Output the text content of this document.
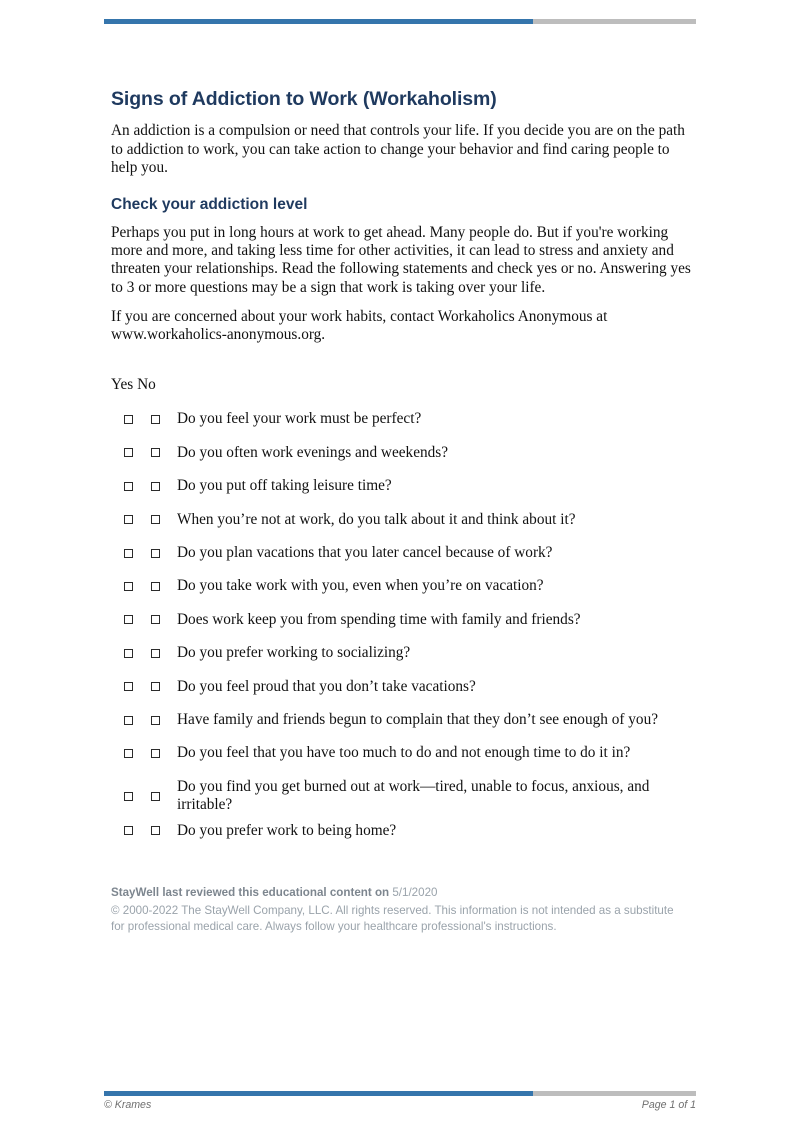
Signs of Addiction to Work (Workaholism)

An addiction is a compulsion or need that controls your life. If you decide you are on the path to addiction to work, you can take action to change your behavior and find caring people to help you.

Check your addiction level

Perhaps you put in long hours at work to get ahead. Many people do. But if you're working more and more, and taking less time for other activities, it can lead to stress and anxiety and threaten your relationships. Read the following statements and check yes or no. Answering yes to 3 or more questions may be a sign that work is taking over your life.

If you are concerned about your work habits, contact Workaholics Anonymous at www.workaholics-anonymous.org.

Yes No
Do you feel your work must be perfect?
Do you often work evenings and weekends?
Do you put off taking leisure time?
When you’re not at work, do you talk about it and think about it?
Do you plan vacations that you later cancel because of work?
Do you take work with you, even when you’re on vacation?
Does work keep you from spending time with family and friends?
Do you prefer working to socializing?
Do you feel proud that you don’t take vacations?
Have family and friends begun to complain that they don’t see enough of you?
Do you feel that you have too much to do and not enough time to do it in?
Do you find you get burned out at work—tired, unable to focus, anxious, and irritable?
Do you prefer work to being home?
StayWell last reviewed this educational content on 5/1/2020
© 2000-2022 The StayWell Company, LLC. All rights reserved. This information is not intended as a substitute for professional medical care. Always follow your healthcare professional's instructions.
© Krames	Page 1 of 1
